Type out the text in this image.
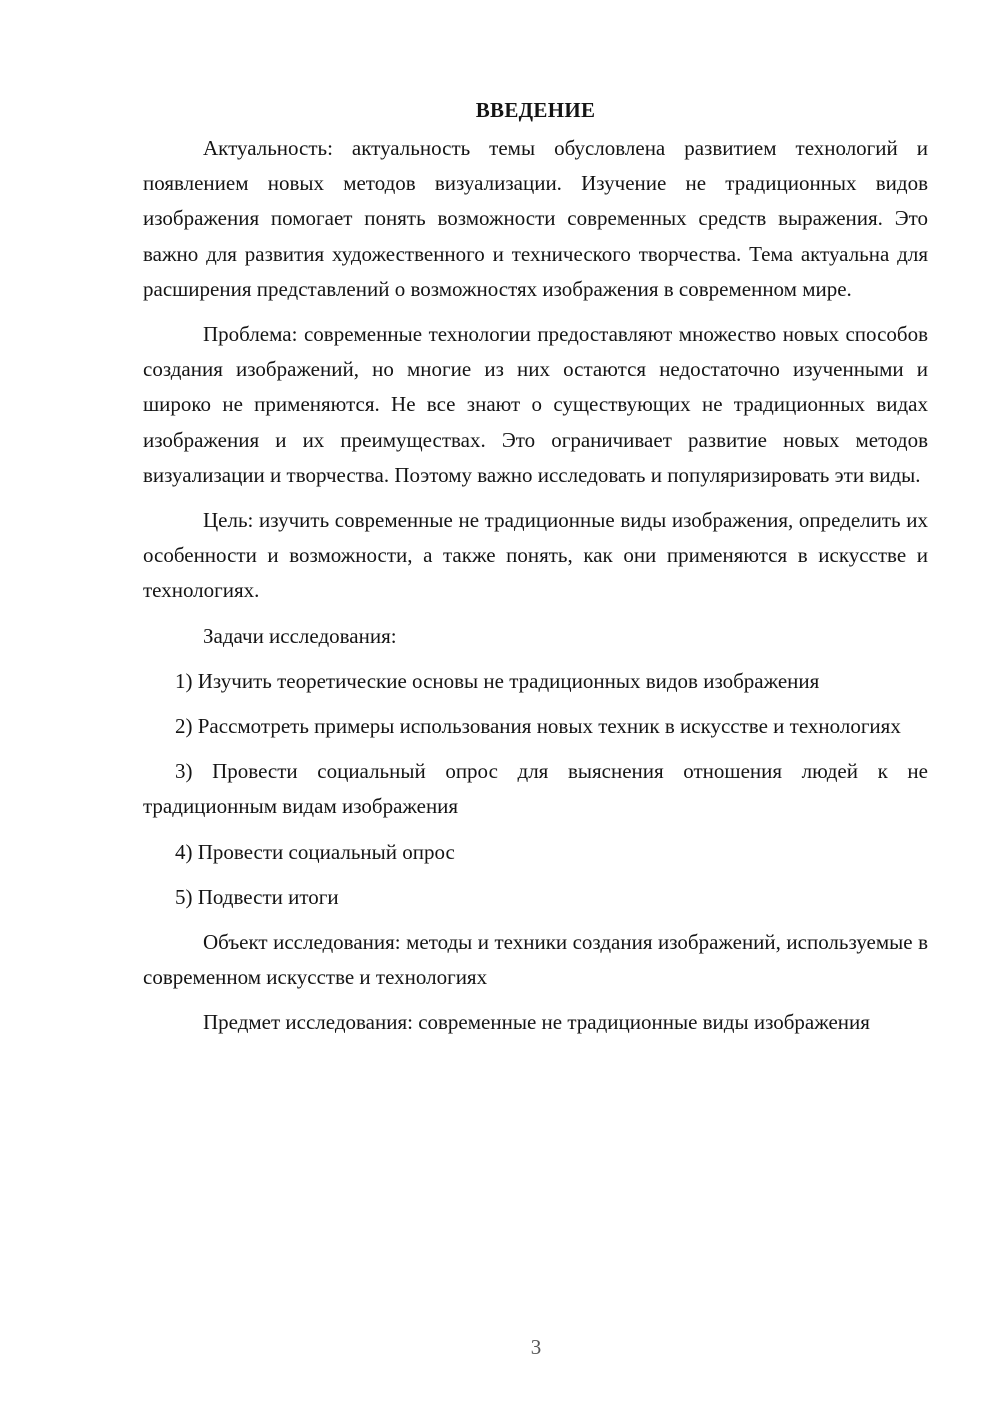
ВВЕДЕНИЕ
Актуальность: актуальность темы обусловлена развитием технологий и появлением новых методов визуализации. Изучение не традиционных видов изображения помогает понять возможности современных средств выражения. Это важно для развития художественного и технического творчества. Тема актуальна для расширения представлений о возможностях изображения в современном мире.
Проблема: современные технологии предоставляют множество новых способов создания изображений, но многие из них остаются недостаточно изученными и широко не применяются. Не все знают о существующих не традиционных видах изображения и их преимуществах. Это ограничивает развитие новых методов визуализации и творчества. Поэтому важно исследовать и популяризировать эти виды.
Цель: изучить современные не традиционные виды изображения, определить их особенности и возможности, а также понять, как они применяются в искусстве и технологиях.
Задачи исследования:
1) Изучить теоретические основы не традиционных видов изображения
2) Рассмотреть примеры использования новых техник в искусстве и технологиях
3) Провести социальный опрос для выяснения отношения людей к не традиционным видам изображения
4) Провести социальный опрос
5) Подвести итоги
Объект исследования: методы и техники создания изображений, используемые в современном искусстве и технологиях
Предмет исследования: современные не традиционные виды изображения
3
